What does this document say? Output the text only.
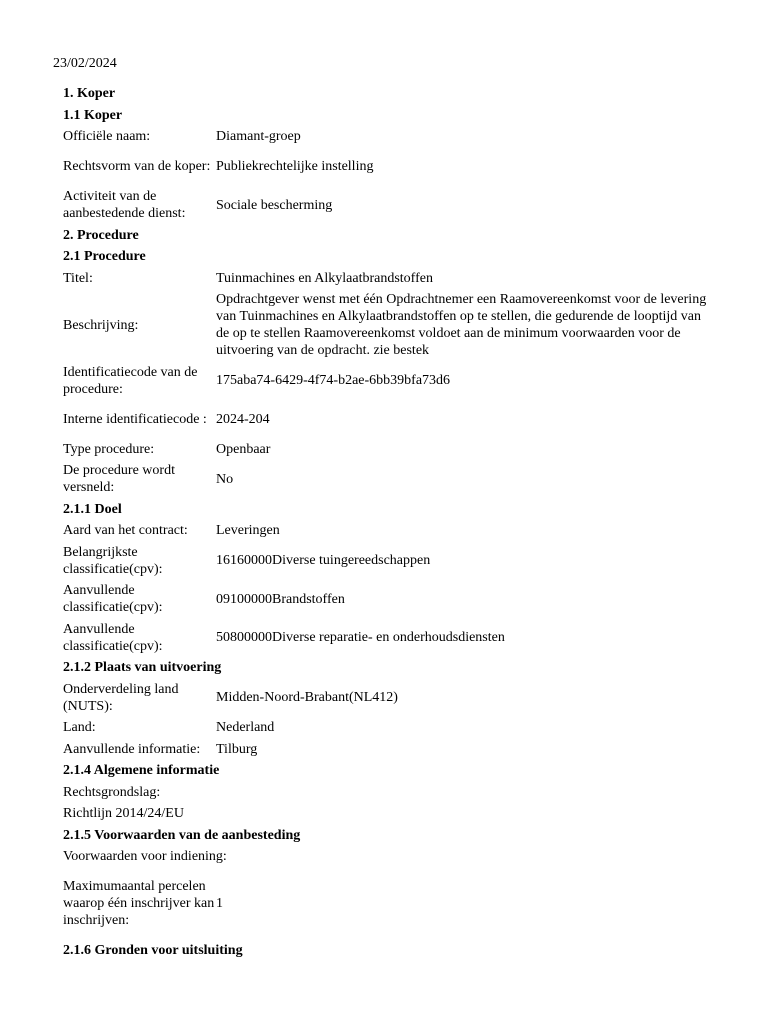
23/02/2024
1. Koper
1.1 Koper
Officiële naam:	Diamant-groep
Rechtsvorm van de koper: Publiekrechtelijke instelling
Activiteit van de aanbestedende dienst:
Sociale bescherming
2. Procedure
2.1 Procedure
Titel:	Tuinmachines en Alkylaatbrandstoffen
Beschrijving:
Opdrachtgever wenst met één Opdrachtnemer een Raamovereenkomst voor de levering van Tuinmachines en Alkylaatbrandstoffen op te stellen, die gedurende de looptijd van de op te stellen Raamovereenkomst voldoet aan de minimum voorwaarden voor de uitvoering van de opdracht. zie bestek
Identificatiecode van de procedure:
175aba74-6429-4f74-b2ae-6bb39bfa73d6
Interne identificatiecode : 2024-204
Type procedure:	Openbaar
De procedure wordt versneld:
No
2.1.1 Doel
Aard van het contract:	Leveringen
Belangrijkste classificatie(cpv):
16160000Diverse tuingereedschappen
Aanvullende classificatie(cpv):
09100000Brandstoffen
Aanvullende classificatie(cpv):
50800000Diverse reparatie- en onderhoudsdiensten
2.1.2 Plaats van uitvoering
Onderverdeling land (NUTS):
Midden-Noord-Brabant(NL412)
Land:	Nederland
Aanvullende informatie:	Tilburg
2.1.4 Algemene informatie
Rechtsgrondslag:
Richtlijn 2014/24/EU
2.1.5 Voorwaarden van de aanbesteding
Voorwaarden voor indiening:
Maximumaantal percelen waarop één inschrijver kan inschrijven:
1
2.1.6 Gronden voor uitsluiting
